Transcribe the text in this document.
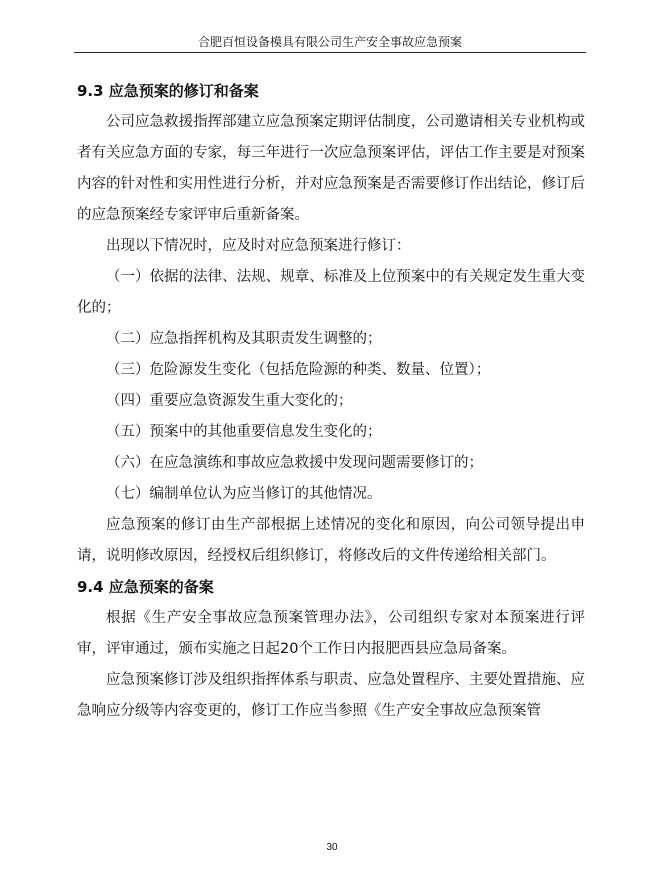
合肥百恒设备模具有限公司生产安全事故应急预案
9.3 应急预案的修订和备案

公司应急救援指挥部建立应急预案定期评估制度，公司邀请相关专业机构或者有关应急方面的专家，每三年进行一次应急预案评估，评估工作主要是对预案内容的针对性和实用性进行分析，并对应急预案是否需要修订作出结论，修订后的应急预案经专家评审后重新备案。

出现以下情况时，应及时对应急预案进行修订：

（一）依据的法律、法规、规章、标准及上位预案中的有关规定发生重大变化的；

（二）应急指挥机构及其职责发生调整的；

（三）危险源发生变化（包括危险源的种类、数量、位置）；

（四）重要应急资源发生重大变化的；

（五）预案中的其他重要信息发生变化的；

（六）在应急演练和事故应急救援中发现问题需要修订的；

（七）编制单位认为应当修订的其他情况。

应急预案的修订由生产部根据上述情况的变化和原因，向公司领导提出申请，说明修改原因，经授权后组织修订，将修改后的文件传递给相关部门。

9.4 应急预案的备案

根据《生产安全事故应急预案管理办法》，公司组织专家对本预案进行评审，评审通过，颁布实施之日起20个工作日内报肥西县应急局备案。

应急预案修订涉及组织指挥体系与职责、应急处置程序、主要处置措施、应急响应分级等内容变更的，修订工作应当参照《生产安全事故应急预案管

30
